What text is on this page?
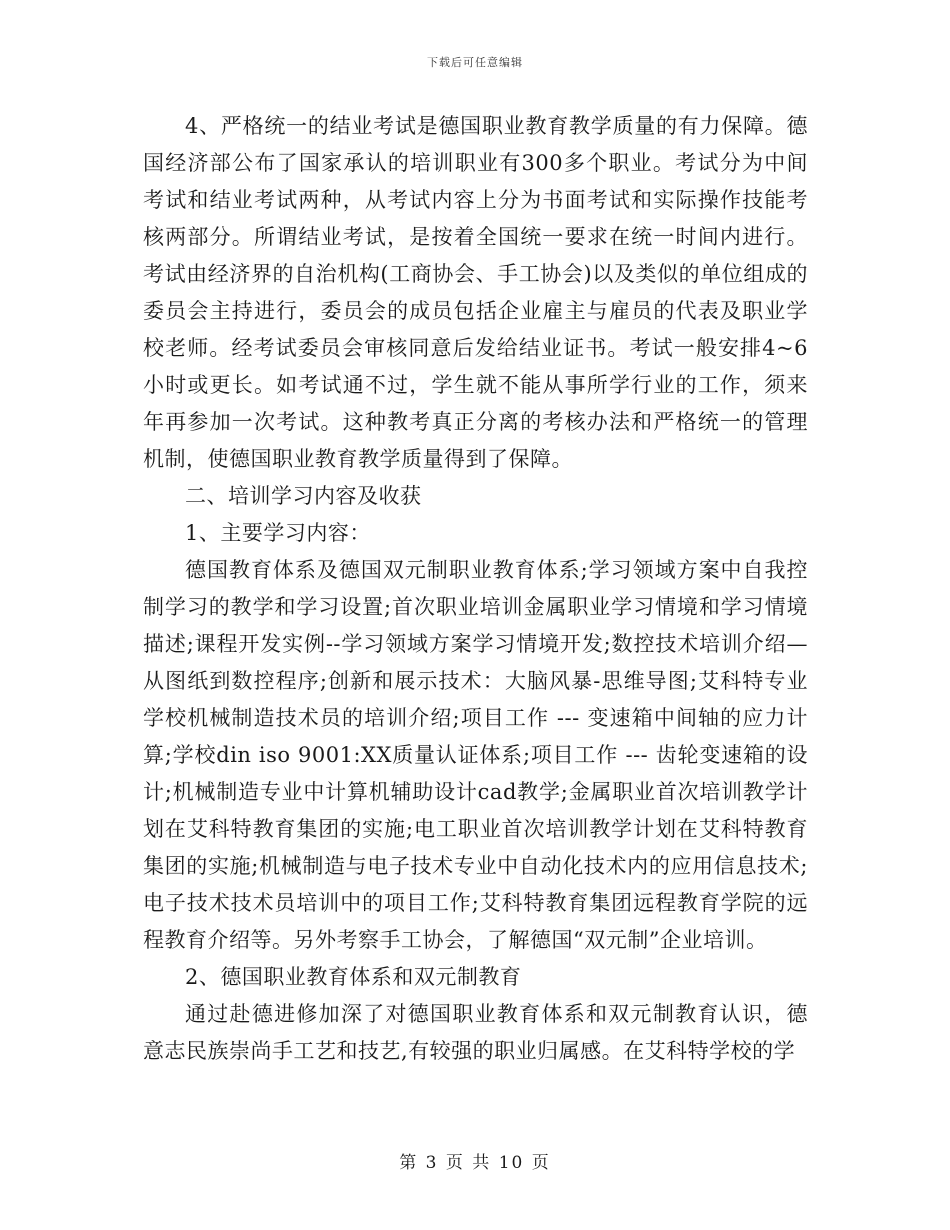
下载后可任意编辑

4、严格统一的结业考试是德国职业教育教学质量的有力保障。德国经济部公布了国家承认的培训职业有300多个职业。考试分为中间考试和结业考试两种，从考试内容上分为书面考试和实际操作技能考核两部分。所谓结业考试，是按着全国统一要求在统一时间内进行。考试由经济界的自治机构(工商协会、手工协会)以及类似的单位组成的委员会主持进行，委员会的成员包括企业雇主与雇员的代表及职业学校老师。经考试委员会审核同意后发给结业证书。考试一般安排4~6小时或更长。如考试通不过，学生就不能从事所学行业的工作，须来年再参加一次考试。这种教考真正分离的考核办法和严格统一的管理机制，使德国职业教育教学质量得到了保障。

二、培训学习内容及收获

1、主要学习内容：

德国教育体系及德国双元制职业教育体系;学习领域方案中自我控制学习的教学和学习设置;首次职业培训金属职业学习情境和学习情境描述;课程开发实例--学习领域方案学习情境开发;数控技术培训介绍—从图纸到数控程序;创新和展示技术：大脑风暴-思维导图;艾科特专业学校机械制造技术员的培训介绍;项目工作 --- 变速箱中间轴的应力计算;学校din iso 9001:XX质量认证体系;项目工作 --- 齿轮变速箱的设计;机械制造专业中计算机辅助设计cad教学;金属职业首次培训教学计划在艾科特教育集团的实施;电工职业首次培训教学计划在艾科特教育集团的实施;机械制造与电子技术专业中自动化技术内的应用信息技术;电子技术技术员培训中的项目工作;艾科特教育集团远程教育学院的远程教育介绍等。另外考察手工协会，了解德国“双元制”企业培训。

2、德国职业教育体系和双元制教育

通过赴德进修加深了对德国职业教育体系和双元制教育认识，德意志民族崇尚手工艺和技艺,有较强的职业归属感。在艾科特学校的学

第 3 页 共 10 页
